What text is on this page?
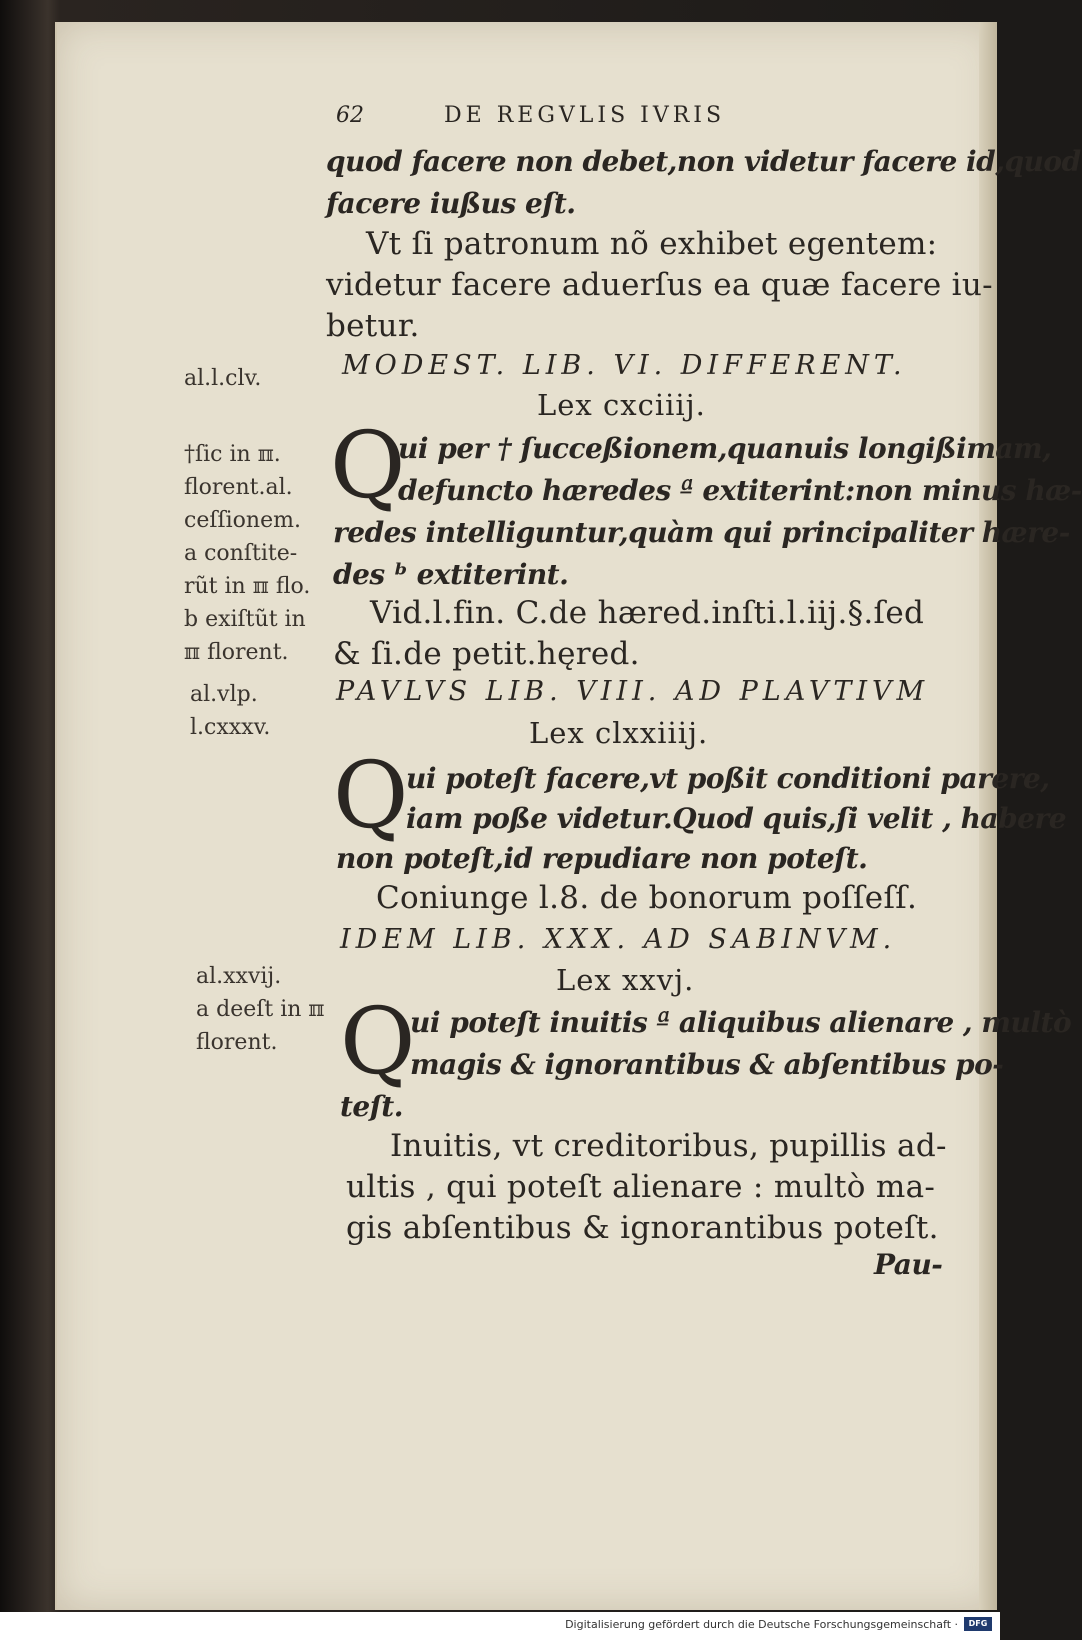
62	DE REGVLIS IVRIS
quod facere non debet,non videtur facere id,quod
facere iußus eſt.
Vt ſi patronum nõ exhibet egentem:
videtur facere aduerſus ea quæ facere iu-
betur.
MODEST. LIB. VI. DIFFERENT.
Lex cxciiij.
Q
ui per † ſucceßionem,quanuis longißimam,
defuncto hæredes ª extiterint:non minus hæ-
redes intelliguntur,quàm qui principaliter hære-
des ᵇ extiterint.
Vid.l.fin. C.de hæred.inſti.l.iij.§.ſed
& ſi.de petit.hęred.
PAVLVS LIB. VIII. AD PLAVTIVM
Lex clxxiiij.
Q
ui poteſt facere,vt poßit conditioni parere,
iam poße videtur.Quod quis,ſi velit , habere
non poteſt,id repudiare non poteſt.
Coniunge l.8. de bonorum poſſeſſ.
IDEM LIB. XXX. AD SABINVM.
Lex xxvj.
Q
ui poteſt inuitis ª aliquibus alienare , multò
magis & ignorantibus & abſentibus po-
teſt.
Inuitis, vt creditoribus, pupillis ad-
ultis , qui poteſt alienare : multò ma-
gis abſentibus & ignorantibus poteſt.
Pau-
al.l.clv.
†ſic in ℼ.
florent.al.
ceſſionem.
a conſtite-
rũt in ℼ flo.
b exiſtũt in
ℼ florent.
al.vlp.
l.cxxxv.
al.xxvij.
a deeſt in ℼ
florent.
Digitalisierung gefördert durch die Deutsche Forschungsgemeinschaft ·	DFG
